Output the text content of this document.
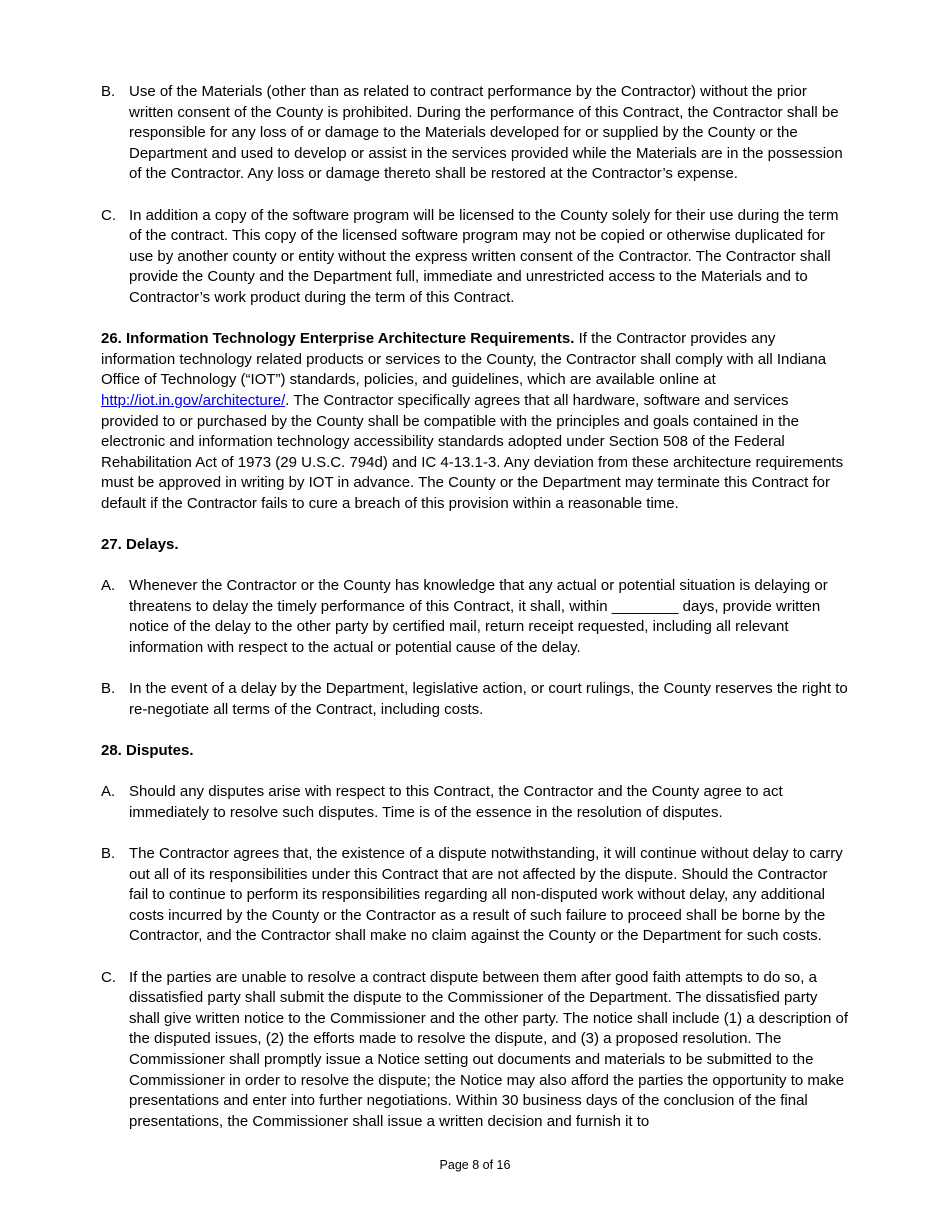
B. Use of the Materials (other than as related to contract performance by the Contractor) without the prior written consent of the County is prohibited. During the performance of this Contract, the Contractor shall be responsible for any loss of or damage to the Materials developed for or supplied by the County or the Department and used to develop or assist in the services provided while the Materials are in the possession of the Contractor. Any loss or damage thereto shall be restored at the Contractor’s expense.
C. In addition a copy of the software program will be licensed to the County solely for their use during the term of the contract. This copy of the licensed software program may not be copied or otherwise duplicated for use by another county or entity without the express written consent of the Contractor. The Contractor shall provide the County and the Department full, immediate and unrestricted access to the Materials and to Contractor’s work product during the term of this Contract.

26. Information Technology Enterprise Architecture Requirements. If the Contractor provides any information technology related products or services to the County, the Contractor shall comply with all Indiana Office of Technology (“IOT”) standards, policies, and guidelines, which are available online at http://iot.in.gov/architecture/. The Contractor specifically agrees that all hardware, software and services provided to or purchased by the County shall be compatible with the principles and goals contained in the electronic and information technology accessibility standards adopted under Section 508 of the Federal Rehabilitation Act of 1973 (29 U.S.C. 794d) and IC 4-13.1-3. Any deviation from these architecture requirements must be approved in writing by IOT in advance. The County or the Department may terminate this Contract for default if the Contractor fails to cure a breach of this provision within a reasonable time.

27. Delays.
A. Whenever the Contractor or the County has knowledge that any actual or potential situation is delaying or threatens to delay the timely performance of this Contract, it shall, within ________ days, provide written notice of the delay to the other party by certified mail, return receipt requested, including all relevant information with respect to the actual or potential cause of the delay.
B. In the event of a delay by the Department, legislative action, or court rulings, the County reserves the right to re-negotiate all terms of the Contract, including costs.
28. Disputes.
A. Should any disputes arise with respect to this Contract, the Contractor and the County agree to act immediately to resolve such disputes. Time is of the essence in the resolution of disputes.
B. The Contractor agrees that, the existence of a dispute notwithstanding, it will continue without delay to carry out all of its responsibilities under this Contract that are not affected by the dispute. Should the Contractor fail to continue to perform its responsibilities regarding all non-disputed work without delay, any additional costs incurred by the County or the Contractor as a result of such failure to proceed shall be borne by the Contractor, and the Contractor shall make no claim against the County or the Department for such costs.
C. If the parties are unable to resolve a contract dispute between them after good faith attempts to do so, a dissatisfied party shall submit the dispute to the Commissioner of the Department. The dissatisfied party shall give written notice to the Commissioner and the other party. The notice shall include (1) a description of the disputed issues, (2) the efforts made to resolve the dispute, and (3) a proposed resolution. The Commissioner shall promptly issue a Notice setting out documents and materials to be submitted to the Commissioner in order to resolve the dispute; the Notice may also afford the parties the opportunity to make presentations and enter into further negotiations. Within 30 business days of the conclusion of the final presentations, the Commissioner shall issue a written decision and furnish it to
Page 8 of 16
